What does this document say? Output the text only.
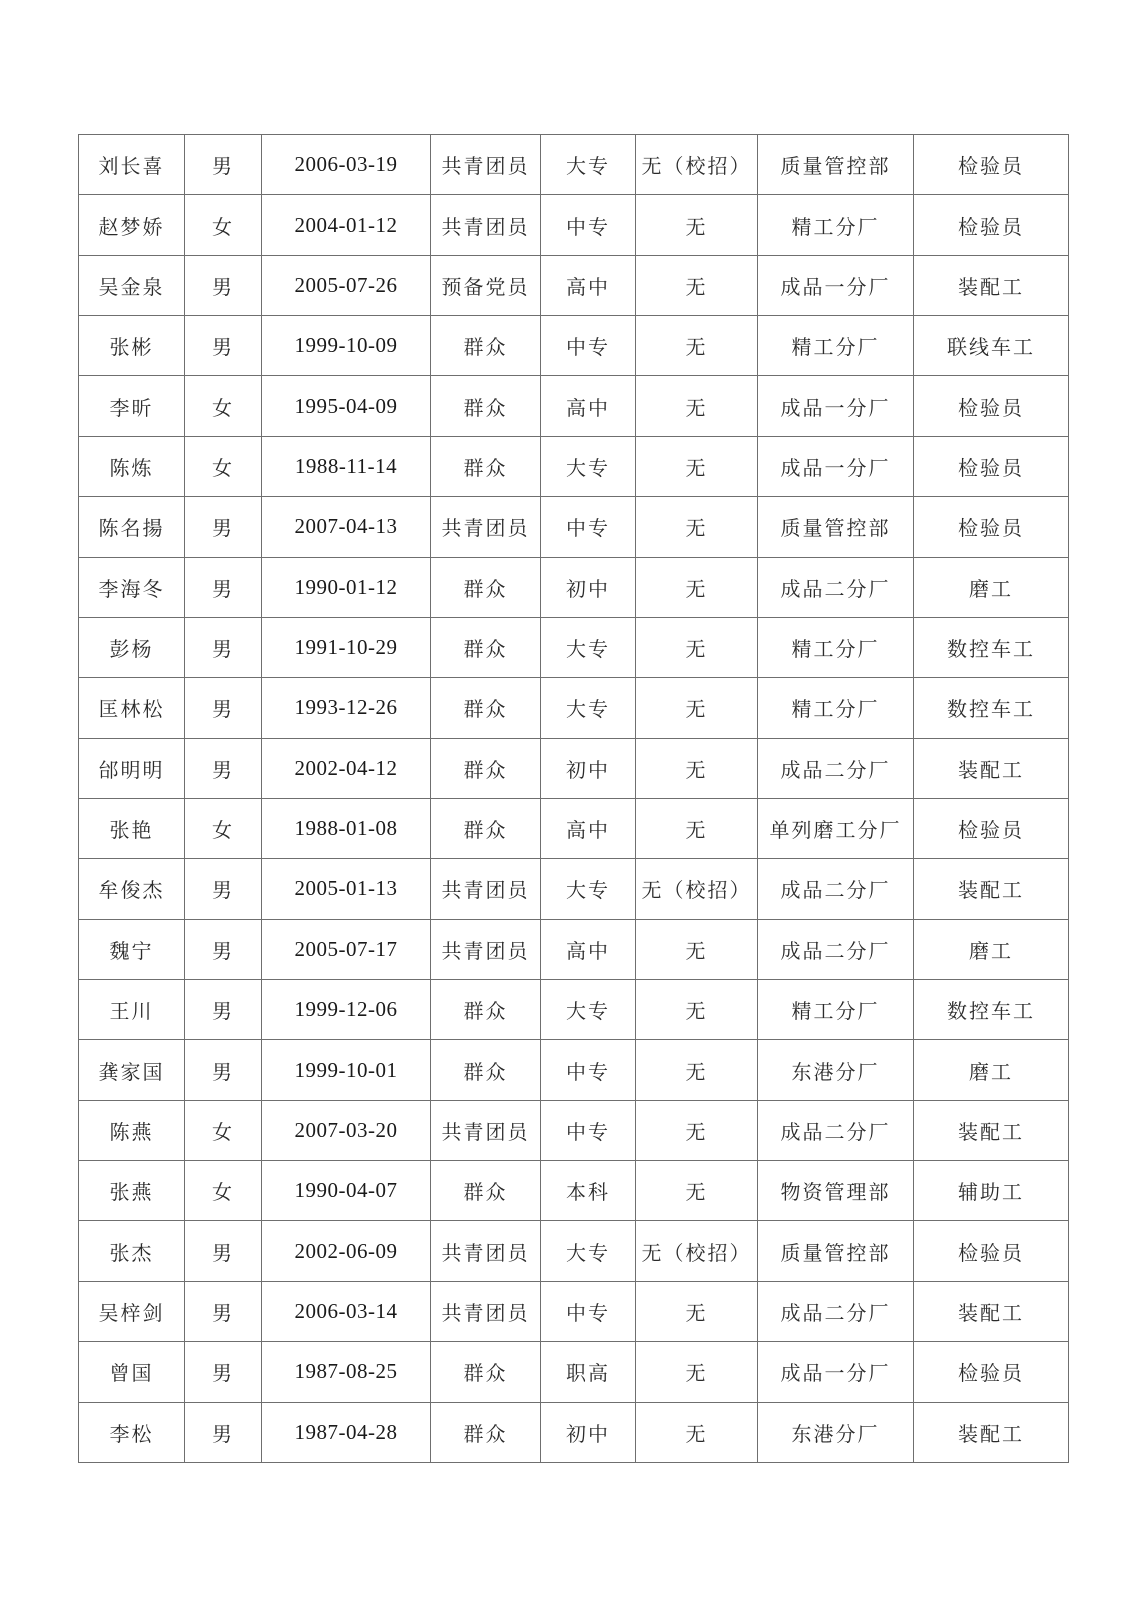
刘长喜	男	2006-03-19	共青团员	大专	无（校招）	质量管控部	检验员
赵梦娇	女	2004-01-12	共青团员	中专	无	精工分厂	检验员
吴金泉	男	2005-07-26	预备党员	高中	无	成品一分厂	装配工
张彬	男	1999-10-09	群众	中专	无	精工分厂	联线车工
李昕	女	1995-04-09	群众	高中	无	成品一分厂	检验员
陈炼	女	1988-11-14	群众	大专	无	成品一分厂	检验员
陈名揚	男	2007-04-13	共青团员	中专	无	质量管控部	检验员
李海冬	男	1990-01-12	群众	初中	无	成品二分厂	磨工
彭杨	男	1991-10-29	群众	大专	无	精工分厂	数控车工
匡林松	男	1993-12-26	群众	大专	无	精工分厂	数控车工
邰明明	男	2002-04-12	群众	初中	无	成品二分厂	装配工
张艳	女	1988-01-08	群众	高中	无	单列磨工分厂	检验员
牟俊杰	男	2005-01-13	共青团员	大专	无（校招）	成品二分厂	装配工
魏宁	男	2005-07-17	共青团员	高中	无	成品二分厂	磨工
王川	男	1999-12-06	群众	大专	无	精工分厂	数控车工
龚家国	男	1999-10-01	群众	中专	无	东港分厂	磨工
陈燕	女	2007-03-20	共青团员	中专	无	成品二分厂	装配工
张燕	女	1990-04-07	群众	本科	无	物资管理部	辅助工
张杰	男	2002-06-09	共青团员	大专	无（校招）	质量管控部	检验员
吴梓剑	男	2006-03-14	共青团员	中专	无	成品二分厂	装配工
曾国	男	1987-08-25	群众	职高	无	成品一分厂	检验员
李松	男	1987-04-28	群众	初中	无	东港分厂	装配工
